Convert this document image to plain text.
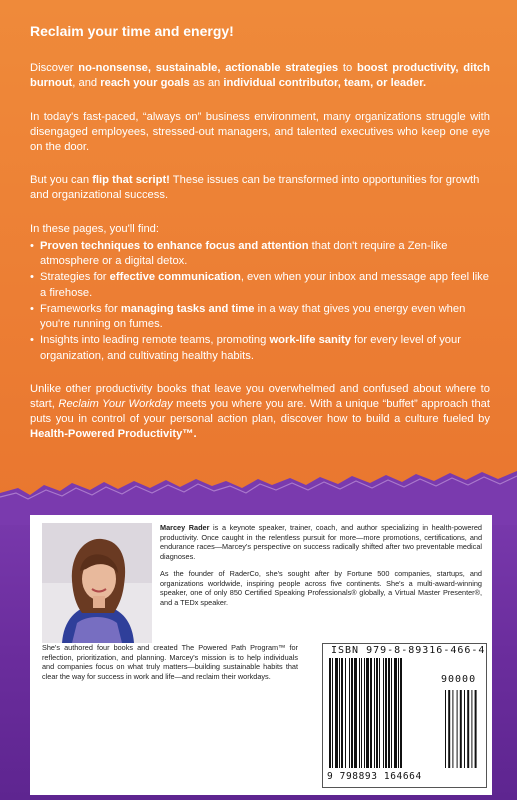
Reclaim your time and energy!
Discover no-nonsense, sustainable, actionable strategies to boost productivity, ditch burnout, and reach your goals as an individual contributor, team, or leader.
In today's fast-paced, “always on” business environment, many organizations struggle with disengaged employees, stressed-out managers, and talented executives who keep one eye on the door.
But you can flip that script! These issues can be transformed into opportunities for growth and organizational success.
In these pages, you'll find:
• Proven techniques to enhance focus and attention that don't require a Zen-like atmosphere or a digital detox.
• Strategies for effective communication, even when your inbox and message app feel like a firehose.
• Frameworks for managing tasks and time in a way that gives you energy even when you're running on fumes.
• Insights into leading remote teams, promoting work-life sanity for every level of your organization, and cultivating healthy habits.
Unlike other productivity books that leave you overwhelmed and confused about where to start, Reclaim Your Workday meets you where you are. With a unique “buffet” approach that puts you in control of your personal action plan, discover how to build a culture fueled by Health-Powered Productivity™.

Marcey Rader is a keynote speaker, trainer, coach, and author specializing in health-powered productivity. Once caught in the relentless pursuit for more—more promotions, certifications, and endurance races—Marcey's perspective on success radically shifted after two preventable medical diagnoses.

As the founder of RaderCo, she's sought after by Fortune 500 companies, startups, and organizations worldwide, inspiring people across five continents. She's a multi-award-winning speaker, one of only 850 Certified Speaking Professionals® globally, a Virtual Master Presenter®, and a TEDx speaker.

She's authored four books and created The Powered Path Program™ for reflection, prioritization, and planning. Marcey's mission is to help individuals and companies focus on what truly matters—building sustainable habits that clear the way for success in work and life—and reclaim their workdays.
ISBN 979-8-89316-466-4
90000
9 798893 164664
